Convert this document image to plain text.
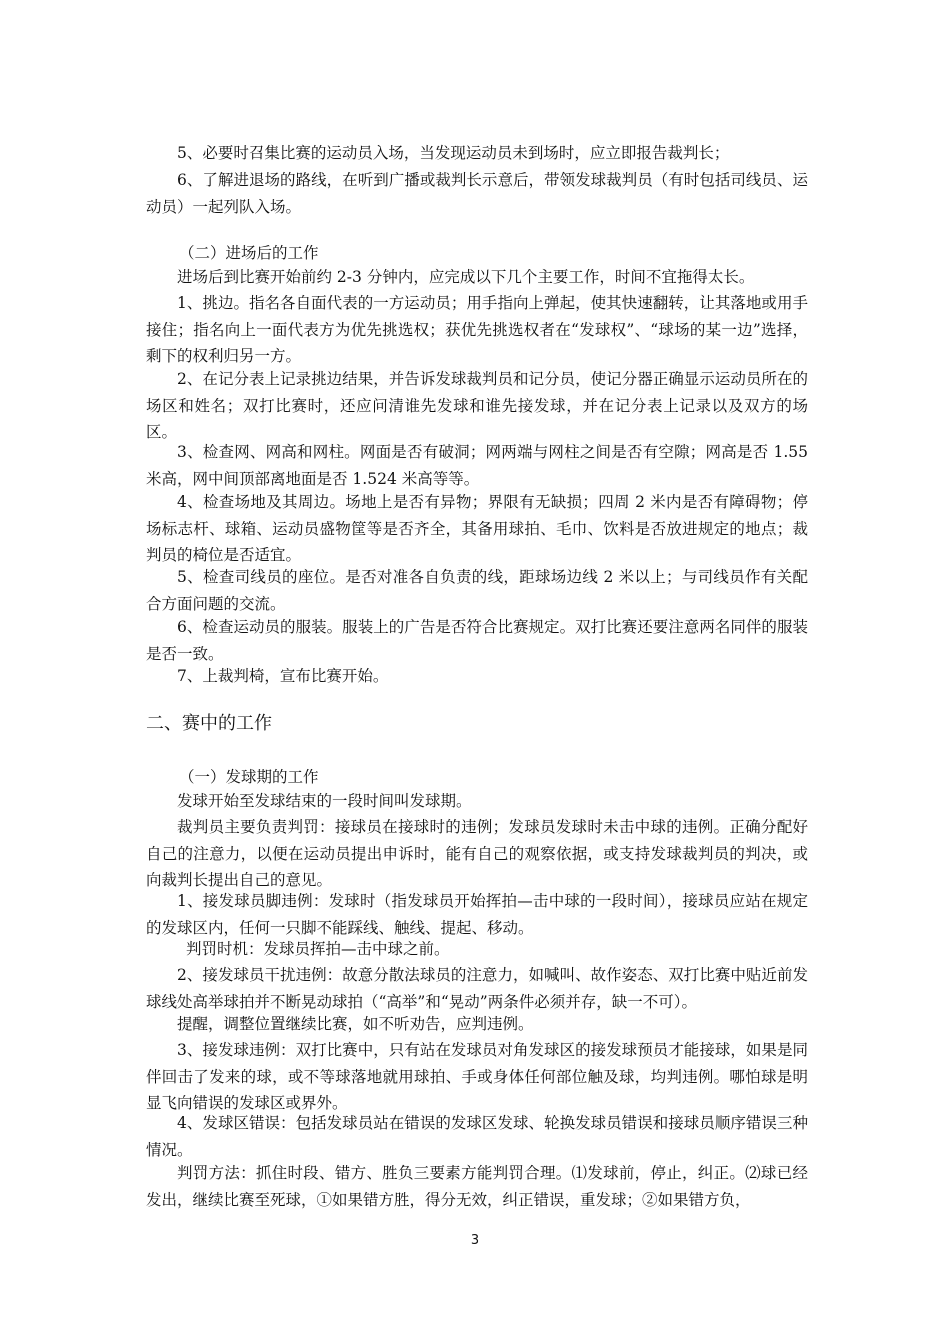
5、必要时召集比赛的运动员入场，当发现运动员未到场时，应立即报告裁判长；

6、了解进退场的路线，在听到广播或裁判长示意后，带领发球裁判员（有时包括司线员、运动员）一起列队入场。

（二）进场后的工作

进场后到比赛开始前约 2-3 分钟内，应完成以下几个主要工作，时间不宜拖得太长。

1、挑边。指名各自面代表的一方运动员；用手指向上弹起，使其快速翻转，让其落地或用手接住；指名向上一面代表方为优先挑选权；获优先挑选权者在“发球权”、“球场的某一边”选择，剩下的权利归另一方。

2、在记分表上记录挑边结果，并告诉发球裁判员和记分员，使记分器正确显示运动员所在的场区和姓名；双打比赛时，还应问清谁先发球和谁先接发球，并在记分表上记录以及双方的场区。

3、检查网、网高和网柱。网面是否有破洞；网两端与网柱之间是否有空隙；网高是否 1.55 米高，网中间顶部离地面是否 1.524 米高等等。

4、检查场地及其周边。场地上是否有异物；界限有无缺损；四周 2 米内是否有障碍物；停场标志杆、球箱、运动员盛物筐等是否齐全，其备用球拍、毛巾、饮料是否放进规定的地点；裁判员的椅位是否适宜。

5、检查司线员的座位。是否对准各自负责的线，距球场边线 2 米以上；与司线员作有关配合方面问题的交流。

6、检查运动员的服装。服装上的广告是否符合比赛规定。双打比赛还要注意两名同伴的服装是否一致。

7、上裁判椅，宣布比赛开始。

二、赛中的工作

（一）发球期的工作

发球开始至发球结束的一段时间叫发球期。

裁判员主要负责判罚：接球员在接球时的违例；发球员发球时未击中球的违例。正确分配好自己的注意力，以便在运动员提出申诉时，能有自己的观察依据，或支持发球裁判员的判决，或向裁判长提出自己的意见。

1、接发球员脚违例：发球时（指发球员开始挥拍—击中球的一段时间），接球员应站在规定的发球区内，任何一只脚不能踩线、触线、提起、移动。

判罚时机：发球员挥拍—击中球之前。

2、接发球员干扰违例：故意分散法球员的注意力，如喊叫、故作姿态、双打比赛中贴近前发球线处高举球拍并不断晃动球拍（“高举”和“晃动”两条件必须并存，缺一不可）。

提醒，调整位置继续比赛，如不听劝告，应判违例。

3、接发球违例：双打比赛中，只有站在发球员对角发球区的接发球预员才能接球，如果是同伴回击了发来的球，或不等球落地就用球拍、手或身体任何部位触及球，均判违例。哪怕球是明显飞向错误的发球区或界外。

4、发球区错误：包括发球员站在错误的发球区发球、轮换发球员错误和接球员顺序错误三种情况。

判罚方法：抓住时段、错方、胜负三要素方能判罚合理。⑴发球前，停止，纠正。⑵球已经发出，继续比赛至死球，①如果错方胜，得分无效，纠正错误，重发球；②如果错方负，

3
